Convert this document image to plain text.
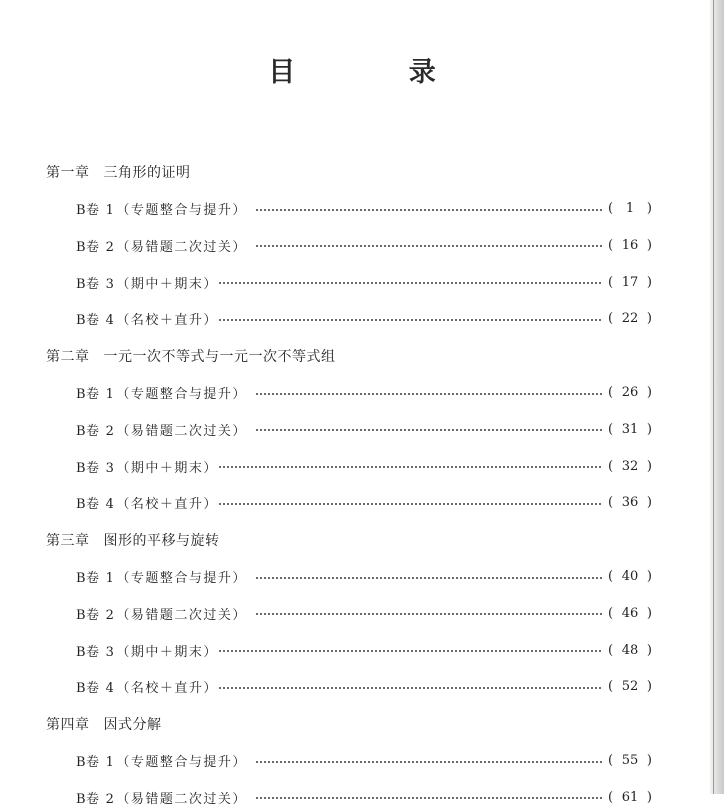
目 录
第一章 三角形的证明
B卷 1 （专题整合与提升）	( 1 )
B卷 2 （易错题二次过关）	( 16 )
B卷 3 （期中＋期末）	( 17 )
B卷 4 （名校＋直升）	( 22 )
第二章 一元一次不等式与一元一次不等式组
B卷 1 （专题整合与提升）	( 26 )
B卷 2 （易错题二次过关）	( 31 )
B卷 3 （期中＋期末）	( 32 )
B卷 4 （名校＋直升）	( 36 )
第三章 图形的平移与旋转
B卷 1 （专题整合与提升）	( 40 )
B卷 2 （易错题二次过关）	( 46 )
B卷 3 （期中＋期末）	( 48 )
B卷 4 （名校＋直升）	( 52 )
第四章 因式分解
B卷 1 （专题整合与提升）	( 55 )
B卷 2 （易错题二次过关）	( 61 )
